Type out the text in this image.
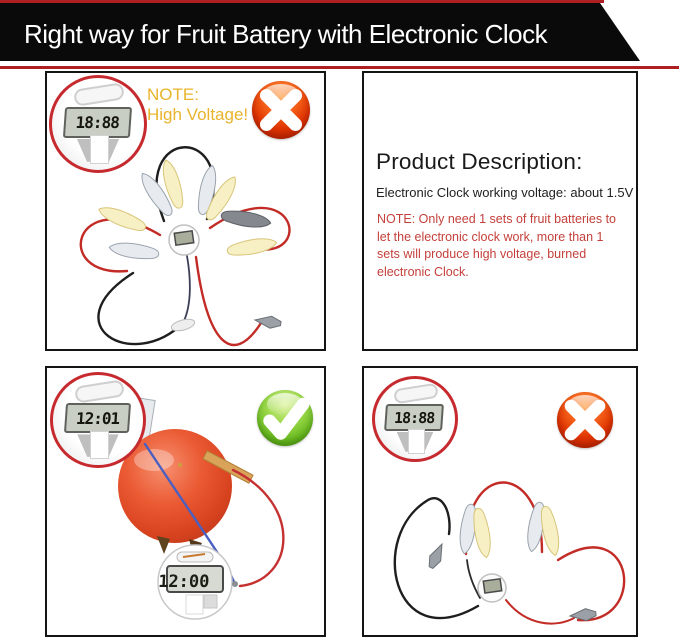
Right way for Fruit Battery with Electronic Clock
18:88
NOTE:
High Voltage!
Product Description:
Electronic Clock working voltage: about 1.5V
NOTE: Only need 1 sets of fruit batteries to let the electronic clock work, more than 1 sets will produce high voltage, burned electronic Clock.
12:00
12:01	18:88
